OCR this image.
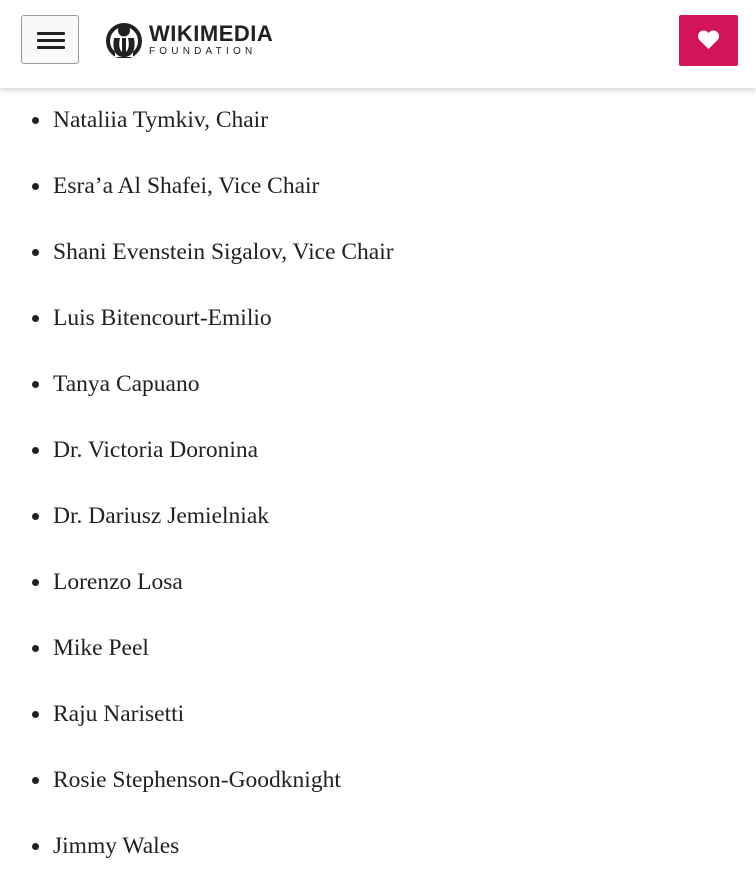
WIKIMEDIA
FOUNDATION
Nataliia Tymkiv, Chair
Esra’a Al Shafei, Vice Chair
Shani Evenstein Sigalov, Vice Chair
Luis Bitencourt-Emilio
Tanya Capuano
Dr. Victoria Doronina
Dr. Dariusz Jemielniak
Lorenzo Losa
Mike Peel
Raju Narisetti
Rosie Stephenson-Goodknight
Jimmy Wales
